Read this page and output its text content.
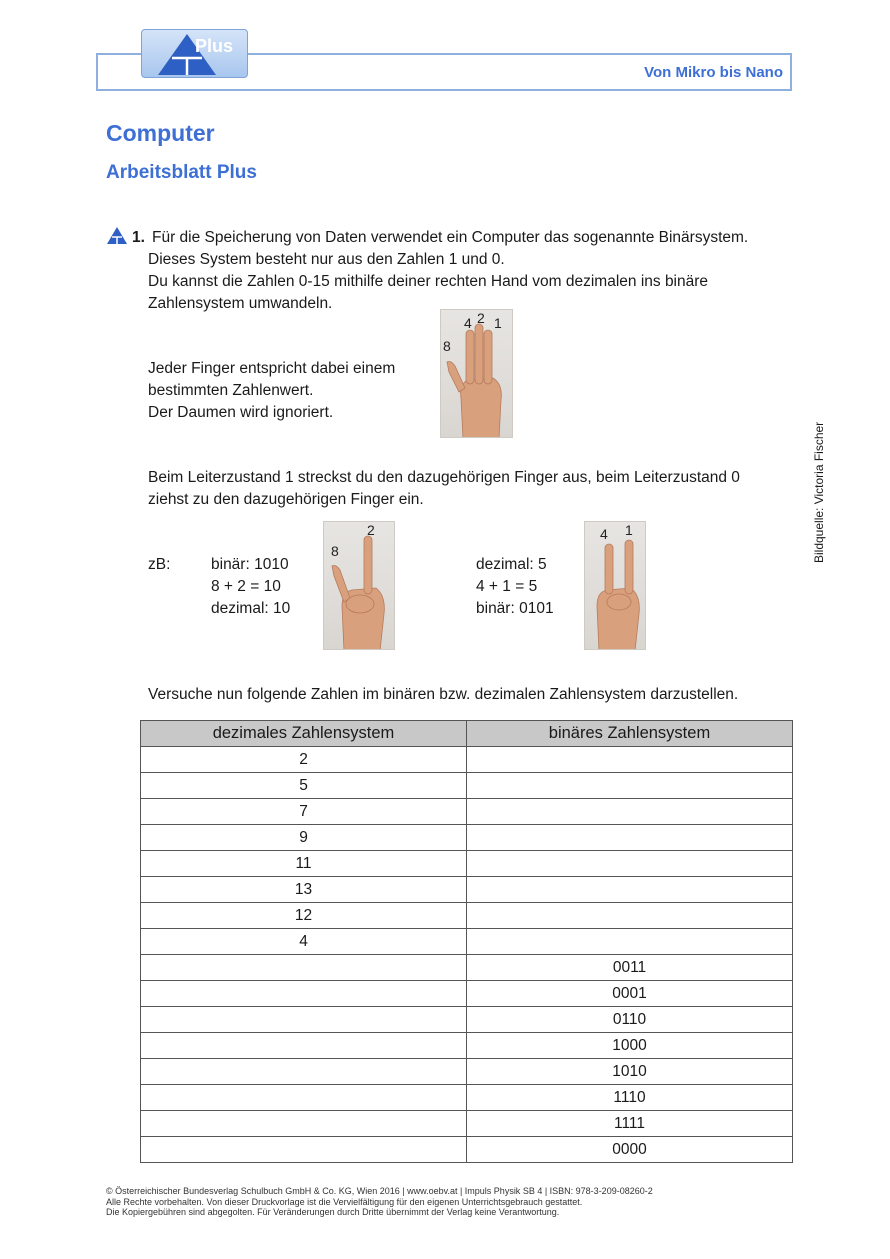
Plus
Von Mikro bis Nano
Computer
Arbeitsblatt Plus
1. Für die Speicherung von Daten verwendet ein Computer das sogenannte Binärsystem.
Dieses System besteht nur aus den Zahlen 1 und 0.
Du kannst die Zahlen 0-15 mithilfe deiner rechten Hand vom dezimalen ins binäre
Zahlensystem umwandeln.
4 2 1
8
Jeder Finger entspricht dabei einem
bestimmten Zahlenwert.
Der Daumen wird ignoriert.
Beim Leiterzustand 1 streckst du den dazugehörigen Finger aus, beim Leiterzustand 0
ziehst zu den dazugehörigen Finger ein.
zB:	binär: 1010
8 + 2 = 10
dezimal: 10
2
8
dezimal: 5
4 + 1 = 5
binär: 0101
4 1	Bildquelle: Victoria Fischer
Versuche nun folgende Zahlen im binären bzw. dezimalen Zahlensystem darzustellen.
dezimales Zahlensystem	binäres Zahlensystem
2	
5	
7	
9	
11	
13	
12	
4	
	0011
	0001
	0110
	1000
	1010
	1110
	1111
	0000
© Österreichischer Bundesverlag Schulbuch GmbH & Co. KG, Wien 2016 | www.oebv.at | Impuls Physik SB 4 | ISBN: 978-3-209-08260-2
Alle Rechte vorbehalten. Von dieser Druckvorlage ist die Vervielfältigung für den eigenen Unterrichtsgebrauch gestattet.
Die Kopiergebühren sind abgegolten. Für Veränderungen durch Dritte übernimmt der Verlag keine Verantwortung.
